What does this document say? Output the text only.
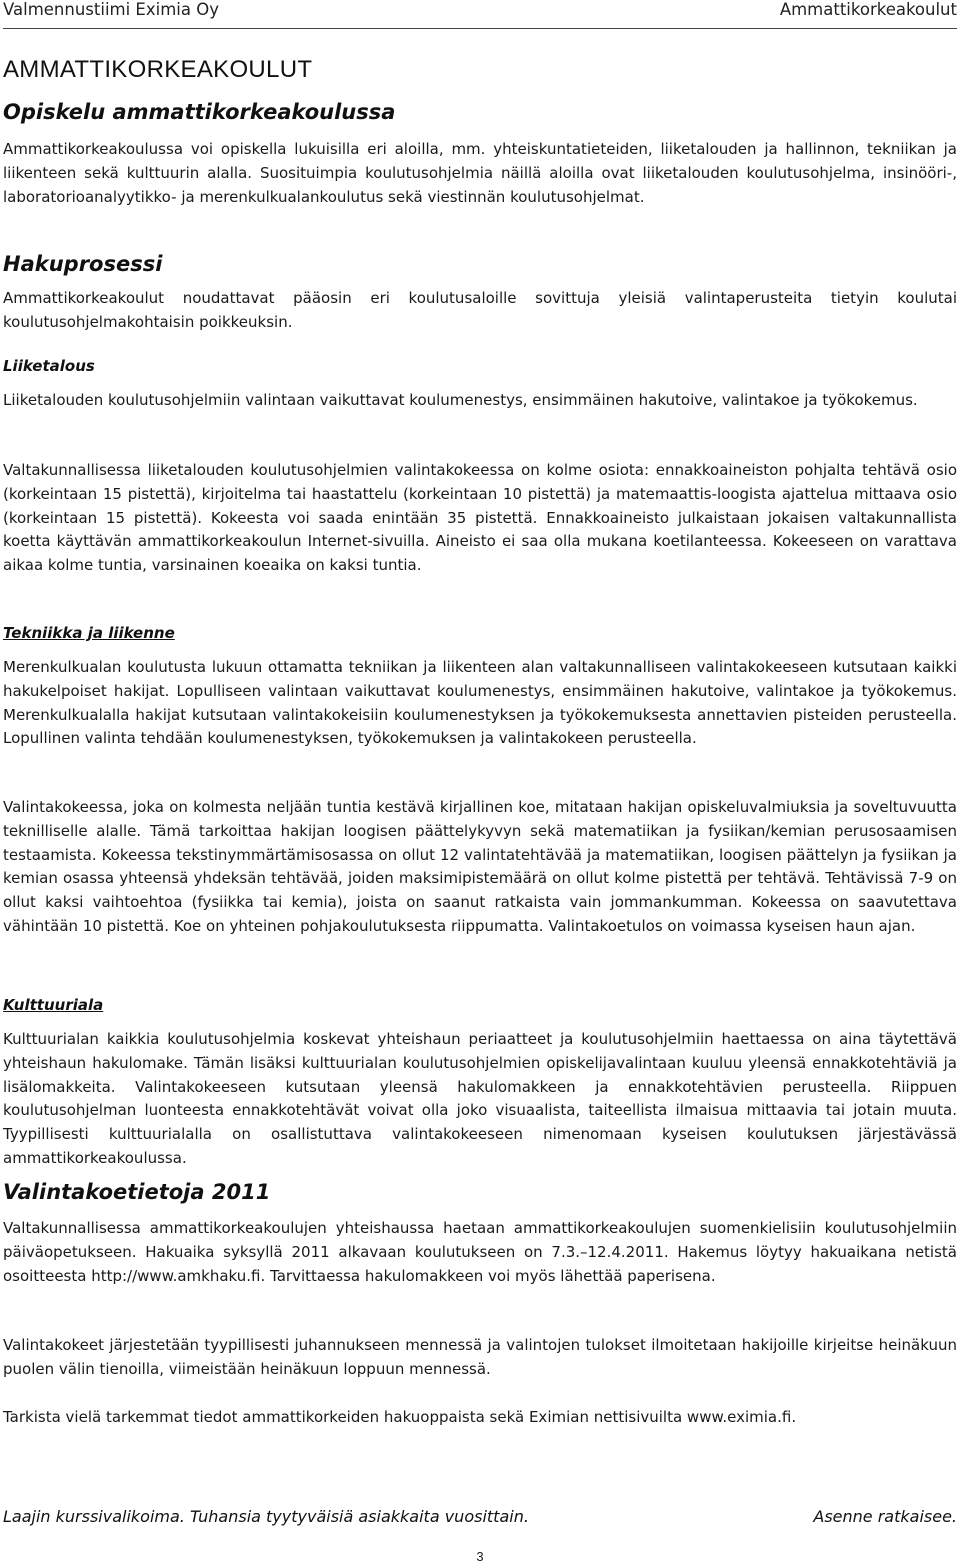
Valmennustiimi Eximia Oy	Ammattikorkeakoulut
AMMATTIKORKEAKOULUT
Opiskelu ammattikorkeakoulussa

Ammattikorkeakoulussa voi opiskella lukuisilla eri aloilla, mm. yhteiskuntatieteiden, liiketalouden ja hallinnon, tekniikan ja liikenteen sekä kulttuurin alalla. Suosituimpia koulutusohjelmia näillä aloilla ovat liiketalouden koulutusohjelma, insinööri-, laboratorioanalyytikko- ja merenkulkualankoulutus sekä viestinnän koulutusohjelmat.

Hakuprosessi

Ammattikorkeakoulut noudattavat pääosin eri koulutusaloille sovittuja yleisiä valintaperusteita tietyin koulutai koulutusohjelmakohtaisin poikkeuksin.

Liiketalous

Liiketalouden koulutusohjelmiin valintaan vaikuttavat koulumenestys, ensimmäinen hakutoive, valintakoe ja työkokemus.

Valtakunnallisessa liiketalouden koulutusohjelmien valintakokeessa on kolme osiota: ennakkoaineiston pohjalta tehtävä osio (korkeintaan 15 pistettä), kirjoitelma tai haastattelu (korkeintaan 10 pistettä) ja matemaattis-loogista ajattelua mittaava osio (korkeintaan 15 pistettä). Kokeesta voi saada enintään 35 pistettä. Ennakkoaineisto julkaistaan jokaisen valtakunnallista koetta käyttävän ammattikorkeakoulun Internet-sivuilla. Aineisto ei saa olla mukana koetilanteessa. Kokeeseen on varattava aikaa kolme tuntia, varsinainen koeaika on kaksi tuntia.

Tekniikka ja liikenne

Merenkulkualan koulutusta lukuun ottamatta tekniikan ja liikenteen alan valtakunnalliseen valintakokeeseen kutsutaan kaikki hakukelpoiset hakijat. Lopulliseen valintaan vaikuttavat koulumenestys, ensimmäinen hakutoive, valintakoe ja työkokemus. Merenkulkualalla hakijat kutsutaan valintakokeisiin koulumenestyksen ja työkokemuksesta annettavien pisteiden perusteella. Lopullinen valinta tehdään koulumenestyksen, työkokemuksen ja valintakokeen perusteella.

Valintakokeessa, joka on kolmesta neljään tuntia kestävä kirjallinen koe, mitataan hakijan opiskeluvalmiuksia ja soveltuvuutta teknilliselle alalle. Tämä tarkoittaa hakijan loogisen päättelykyvyn sekä matematiikan ja fysiikan/kemian perusosaamisen testaamista. Kokeessa tekstinymmärtämisosassa on ollut 12 valintatehtävää ja matematiikan, loogisen päättelyn ja fysiikan ja kemian osassa yhteensä yhdeksän tehtävää, joiden maksimipistemäärä on ollut kolme pistettä per tehtävä. Tehtävissä 7-9 on ollut kaksi vaihtoehtoa (fysiikka tai kemia), joista on saanut ratkaista vain jommankumman. Kokeessa on saavutettava vähintään 10 pistettä. Koe on yhteinen pohjakoulutuksesta riippumatta. Valintakoetulos on voimassa kyseisen haun ajan.

Kulttuuriala

Kulttuurialan kaikkia koulutusohjelmia koskevat yhteishaun periaatteet ja koulutusohjelmiin haettaessa on aina täytettävä yhteishaun hakulomake. Tämän lisäksi kulttuurialan koulutusohjelmien opiskelijavalintaan kuuluu yleensä ennakkotehtäviä ja lisälomakkeita. Valintakokeeseen kutsutaan yleensä hakulomakkeen ja ennakkotehtävien perusteella. Riippuen koulutusohjelman luonteesta ennakkotehtävät voivat olla joko visuaalista, taiteellista ilmaisua mittaavia tai jotain muuta. Tyypillisesti kulttuurialalla on osallistuttava valintakokeeseen nimenomaan kyseisen koulutuksen järjestävässä ammattikorkeakoulussa.

Valintakoetietoja 2011

Valtakunnallisessa ammattikorkeakoulujen yhteishaussa haetaan ammattikorkeakoulujen suomenkielisiin koulutusohjelmiin päiväopetukseen. Hakuaika syksyllä 2011 alkavaan koulutukseen on 7.3.–12.4.2011. Hakemus löytyy hakuaikana netistä osoitteesta http://www.amkhaku.fi. Tarvittaessa hakulomakkeen voi myös lähettää paperisena.

Valintakokeet järjestetään tyypillisesti juhannukseen mennessä ja valintojen tulokset ilmoitetaan hakijoille kirjeitse heinäkuun puolen välin tienoilla, viimeistään heinäkuun loppuun mennessä.

Tarkista vielä tarkemmat tiedot ammattikorkeiden hakuoppaista sekä Eximian nettisivuilta www.eximia.fi.

Laajin kurssivalikoima. Tuhansia tyytyväisiä asiakkaita vuosittain.	Asenne ratkaisee.
3
